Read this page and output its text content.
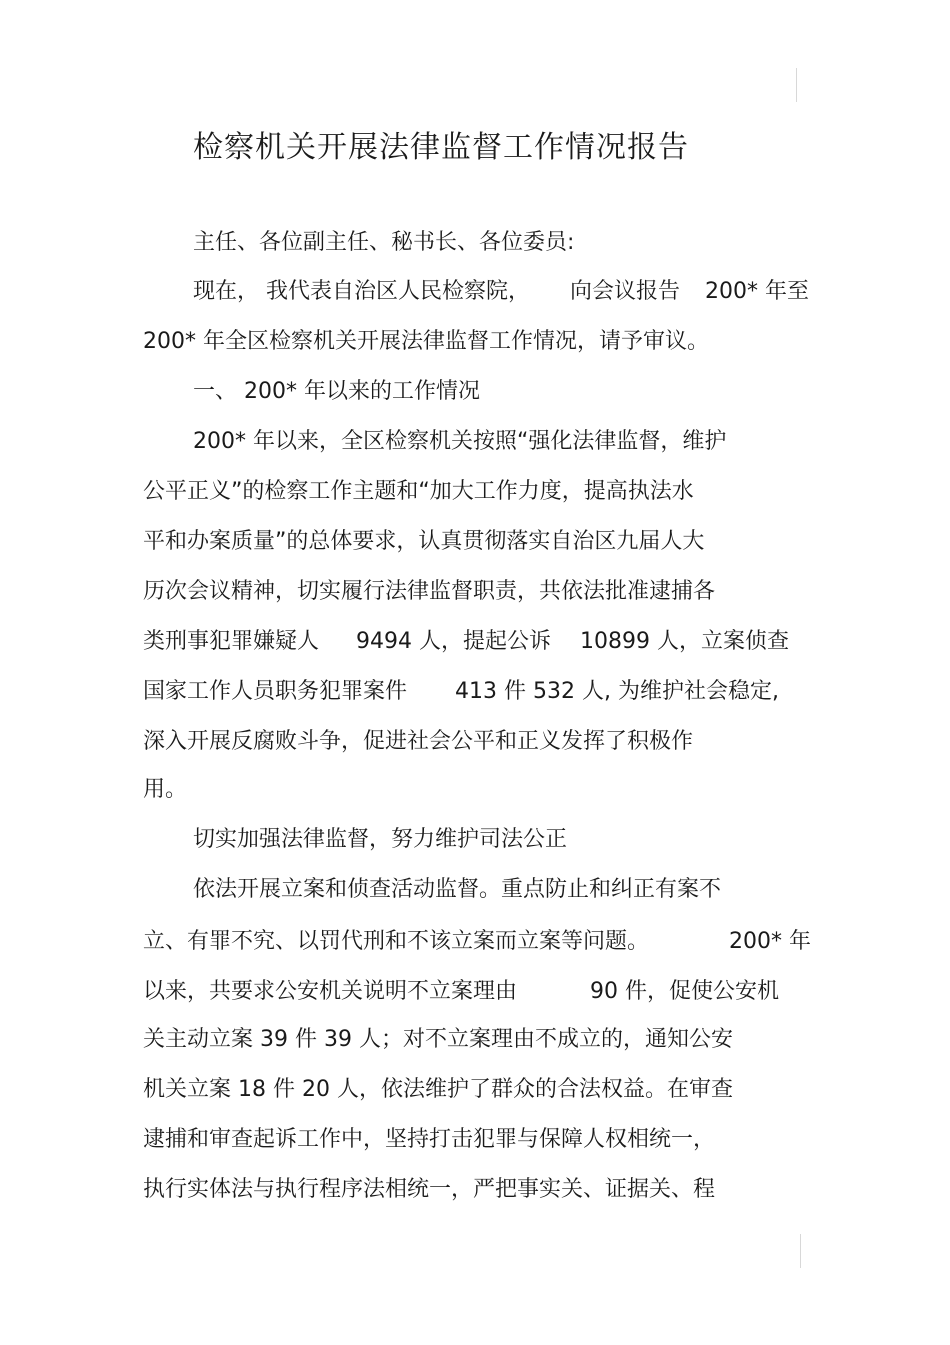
检察机关开展法律监督工作情况报告
主任、各位副主任、秘书长、各位委员:
现在， 我代表自治区人民检察院， 向会议报告 200* 年至
200* 年全区检察机关开展法律监督工作情况，请予审议。
一、 200* 年以来的工作情况
200* 年以来，全区检察机关按照“强化法律监督，维护
公平正义”的检察工作主题和“加大工作力度，提高执法水
平和办案质量”的总体要求，认真贯彻落实自治区九届人大
历次会议精神，切实履行法律监督职责，共依法批准逮捕各
类刑事犯罪嫌疑人 9494 人，提起公诉 10899 人，立案侦查
国家工作人员职务犯罪案件 413 件 532 人, 为维护社会稳定,
深入开展反腐败斗争，促进社会公平和正义发挥了积极作
用。
切实加强法律监督，努力维护司法公正
依法开展立案和侦查活动监督。重点防止和纠正有案不
立、有罪不究、以罚代刑和不该立案而立案等问题。	200* 年
以来，共要求公安机关说明不立案理由	90 件，促使公安机
关主动立案 39 件 39 人；对不立案理由不成立的，通知公安
机关立案 18 件 20 人，依法维护了群众的合法权益。在审查
逮捕和审查起诉工作中，坚持打击犯罪与保障人权相统一，
执行实体法与执行程序法相统一，严把事实关、证据关、程
